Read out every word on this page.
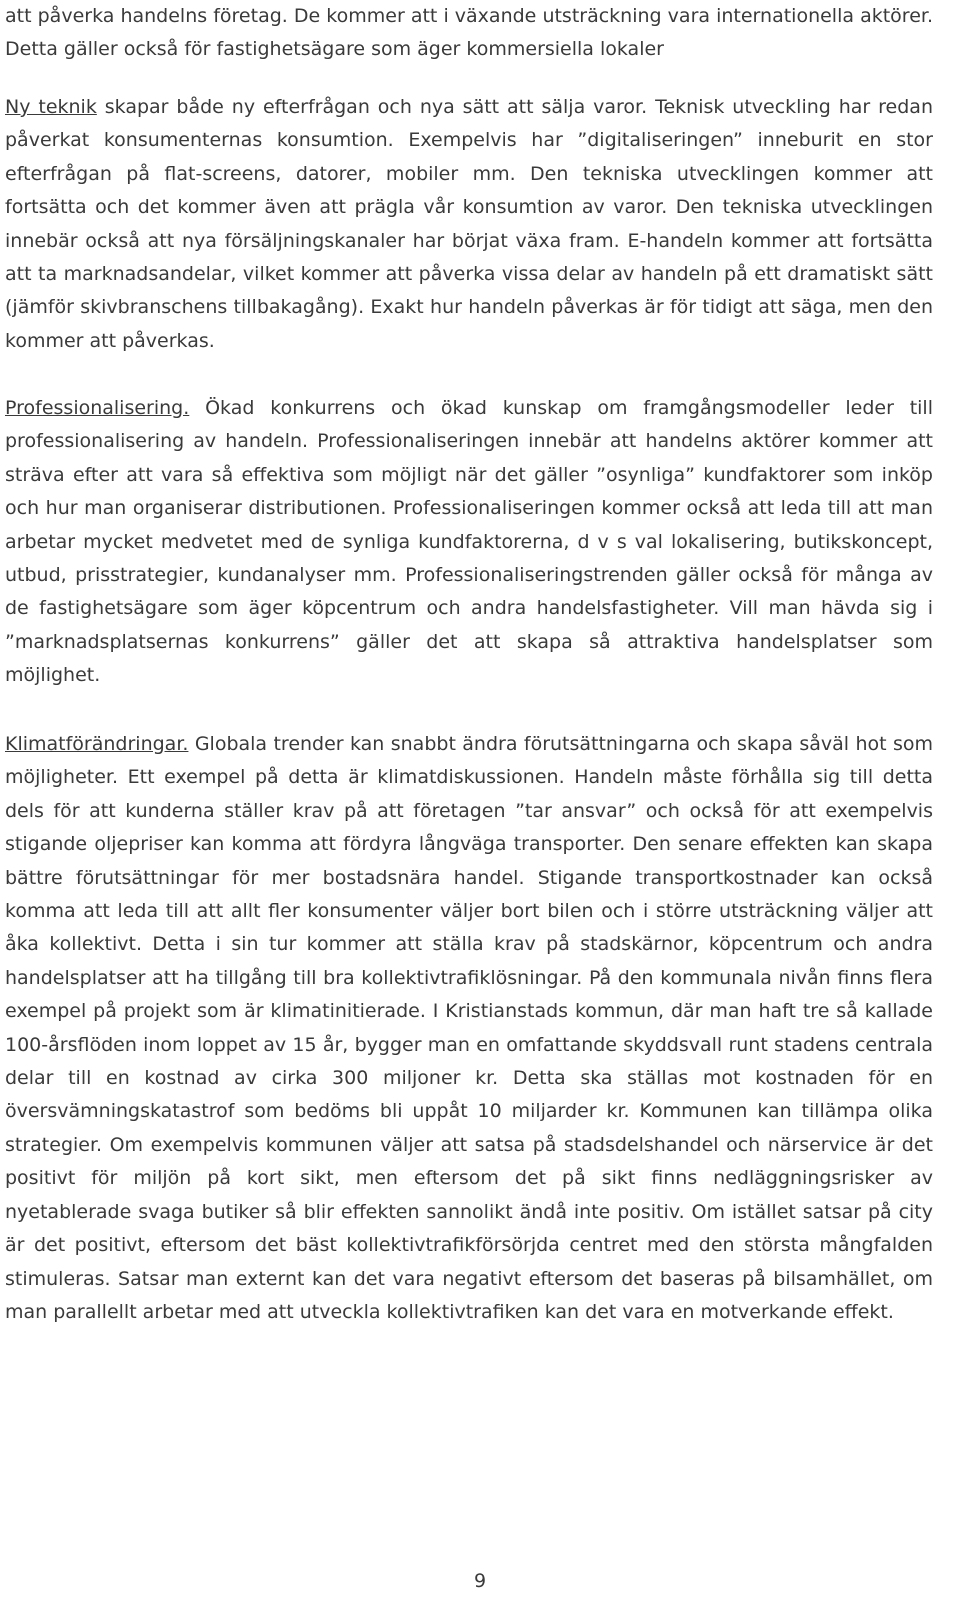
att påverka handelns företag. De kommer att i växande utsträckning vara internationella aktörer. Detta gäller också för fastighetsägare som äger kommersiella lokaler

Ny teknik skapar både ny efterfrågan och nya sätt att sälja varor. Teknisk utveckling har redan påverkat konsumenternas konsumtion. Exempelvis har ”digitaliseringen” inneburit en stor efterfrågan på flat-screens, datorer, mobiler mm. Den tekniska utvecklingen kommer att fortsätta och det kommer även att prägla vår konsumtion av varor. Den tekniska utvecklingen innebär också att nya försäljningskanaler har börjat växa fram. E-handeln kommer att fortsätta att ta marknadsandelar, vilket kommer att påverka vissa delar av handeln på ett dramatiskt sätt (jämför skivbranschens tillbakagång). Exakt hur handeln påverkas är för tidigt att säga, men den kommer att påverkas.

Professionalisering. Ökad konkurrens och ökad kunskap om framgångsmodeller leder till professionalisering av handeln. Professionaliseringen innebär att handelns aktörer kommer att sträva efter att vara så effektiva som möjligt när det gäller ”osynliga” kundfaktorer som inköp och hur man organiserar distributionen. Professionaliseringen kommer också att leda till att man arbetar mycket medvetet med de synliga kundfaktorerna, d v s val lokalisering, butikskoncept, utbud, prisstrategier, kundanalyser mm. Professionaliseringstrenden gäller också för många av de fastighetsägare som äger köpcentrum och andra handelsfastigheter. Vill man hävda sig i ”marknadsplatsernas konkurrens” gäller det att skapa så attraktiva handelsplatser som möjlighet.

Klimatförändringar. Globala trender kan snabbt ändra förutsättningarna och skapa såväl hot som möjligheter. Ett exempel på detta är klimatdiskussionen. Handeln måste förhålla sig till detta dels för att kunderna ställer krav på att företagen ”tar ansvar” och också för att exempelvis stigande oljepriser kan komma att fördyra långväga transporter. Den senare effekten kan skapa bättre förutsättningar för mer bostadsnära handel. Stigande transportkostnader kan också komma att leda till att allt fler konsumenter väljer bort bilen och i större utsträckning väljer att åka kollektivt. Detta i sin tur kommer att ställa krav på stadskärnor, köpcentrum och andra handelsplatser att ha tillgång till bra kollektivtrafiklösningar. På den kommunala nivån finns flera exempel på projekt som är klimatinitierade. I Kristianstads kommun, där man haft tre så kallade 100-årsflöden inom loppet av 15 år, bygger man en omfattande skyddsvall runt stadens centrala delar till en kostnad av cirka 300 miljoner kr. Detta ska ställas mot kostnaden för en översvämningskatastrof som bedöms bli uppåt 10 miljarder kr. Kommunen kan tillämpa olika strategier. Om exempelvis kommunen väljer att satsa på stadsdelshandel och närservice är det positivt för miljön på kort sikt, men eftersom det på sikt finns nedläggningsrisker av nyetablerade svaga butiker så blir effekten sannolikt ändå inte positiv. Om istället satsar på city är det positivt, eftersom det bäst kollektivtrafikförsörjda centret med den största mångfalden stimuleras. Satsar man externt kan det vara negativt eftersom det baseras på bilsamhället, om man parallellt arbetar med att utveckla kollektivtrafiken kan det vara en motverkande effekt.

9
